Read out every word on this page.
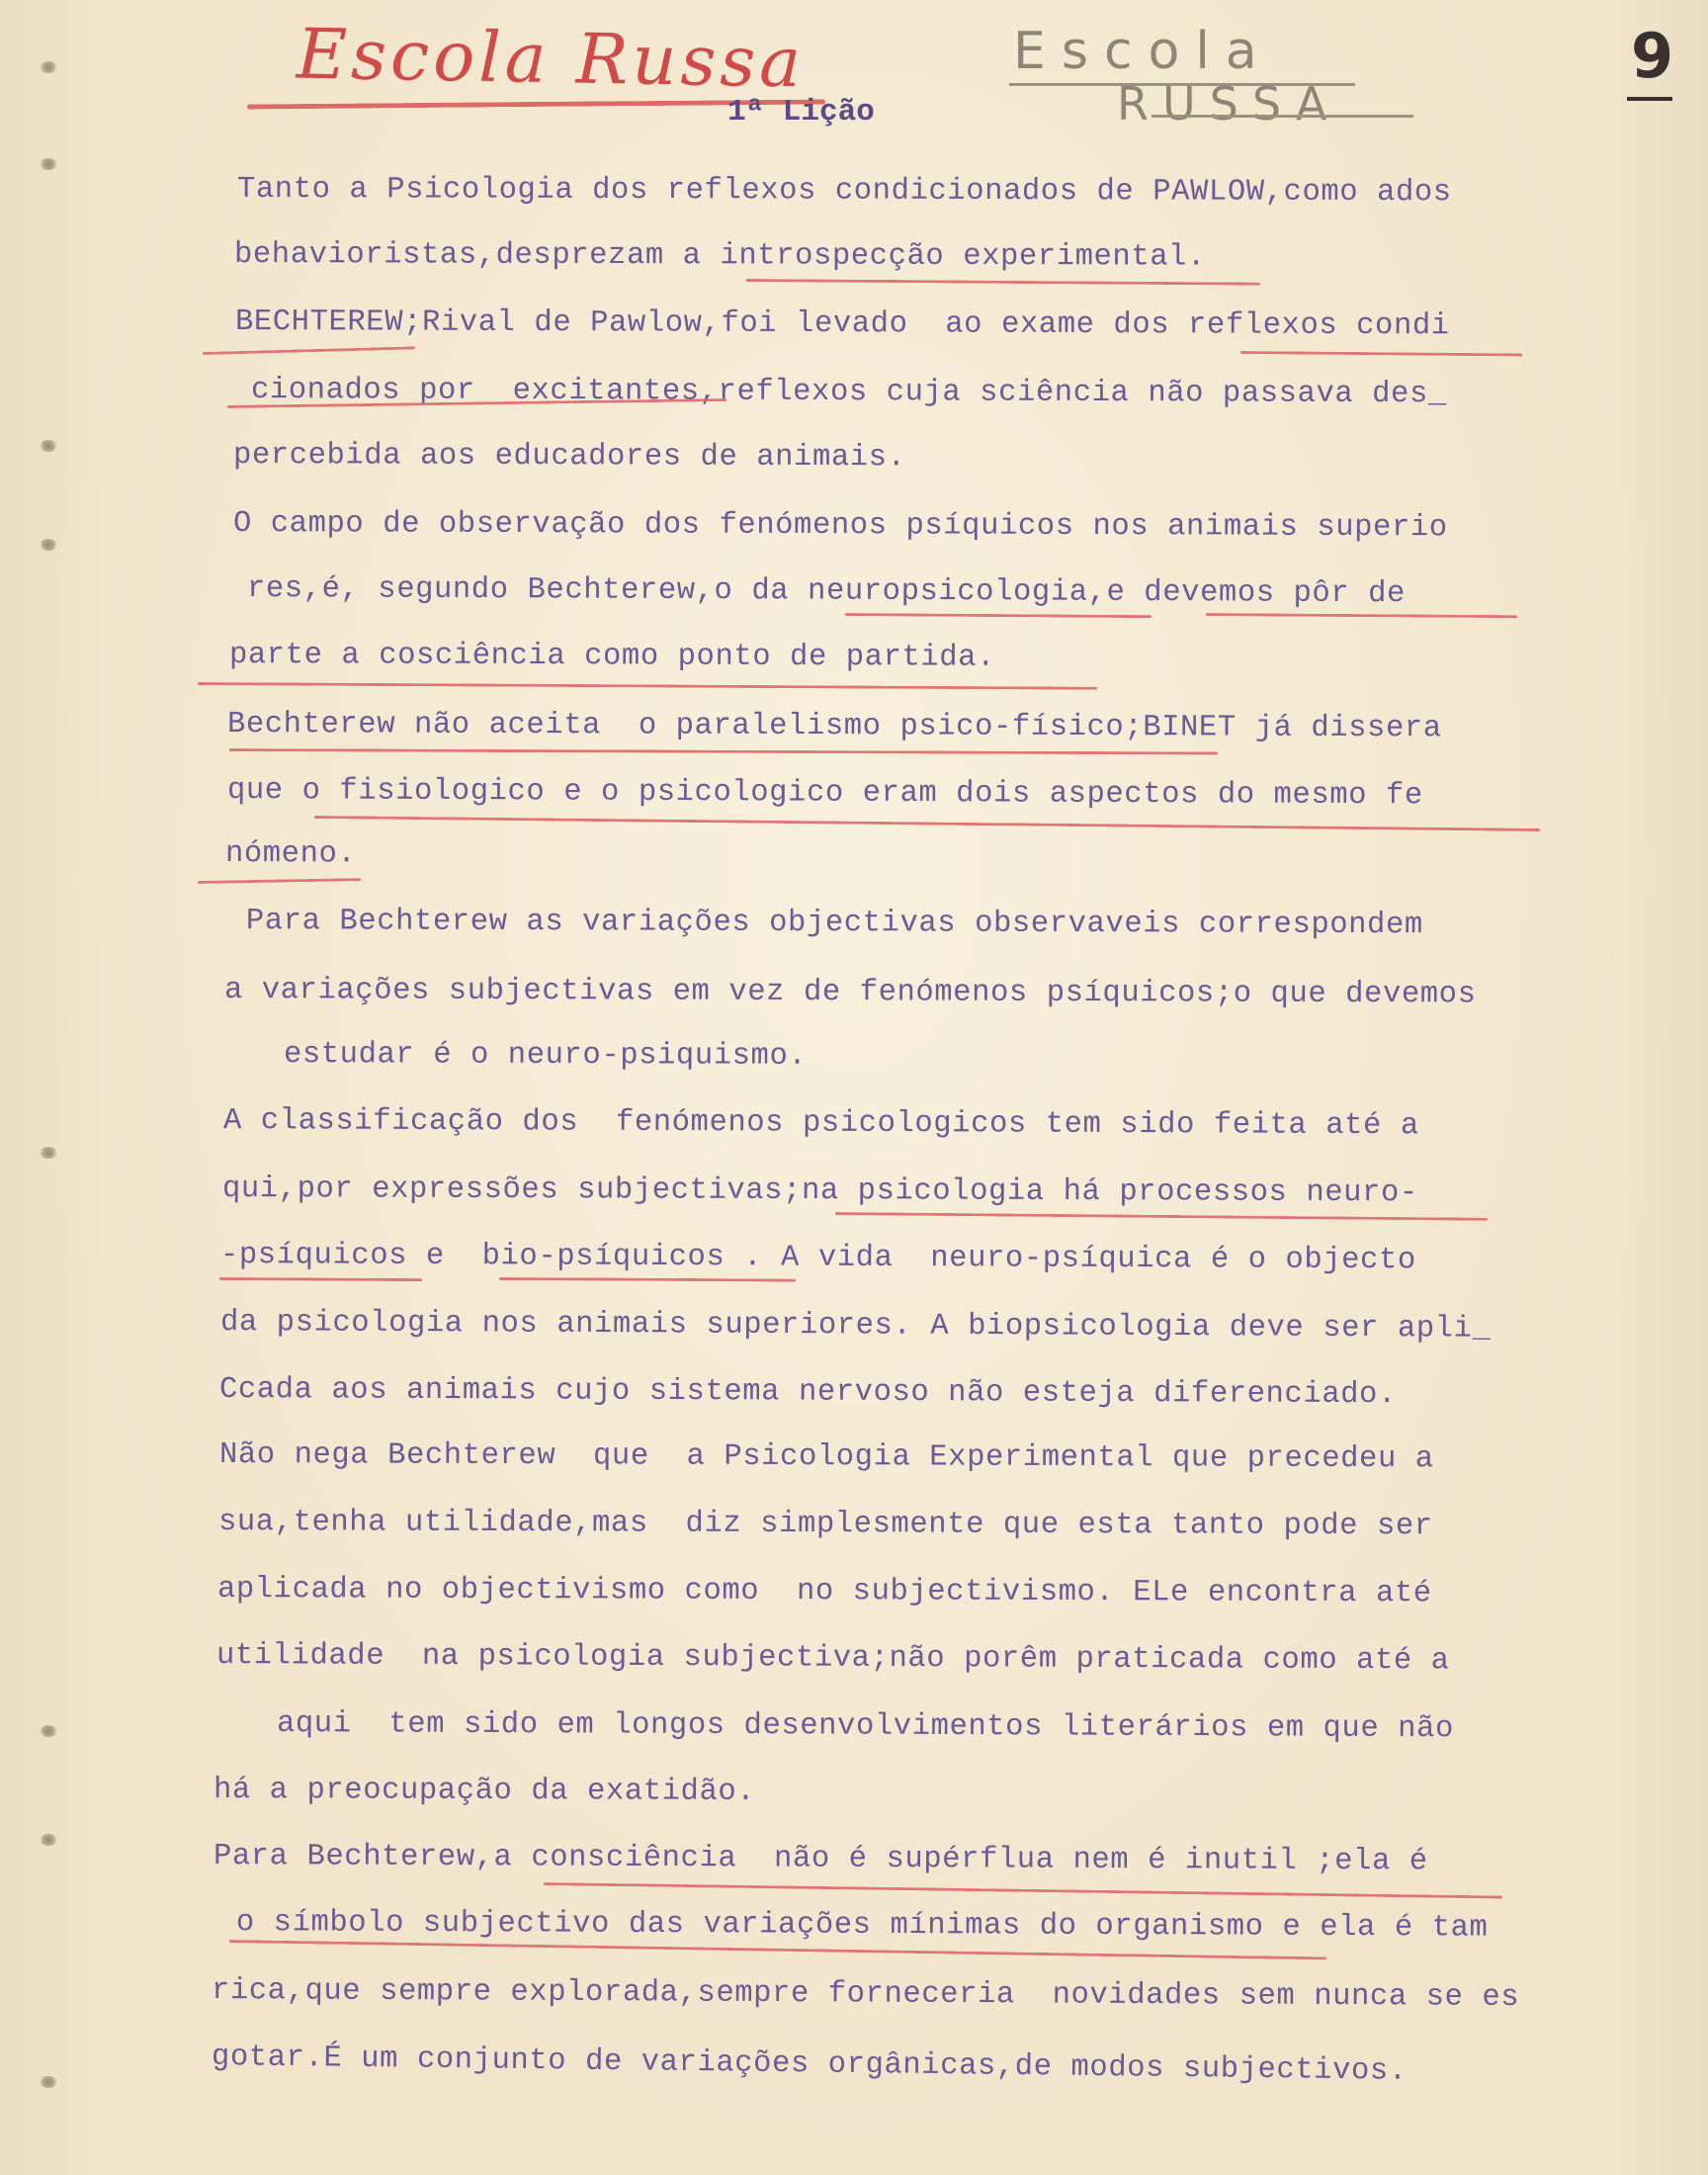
Escola Russa
1ª Lição

Escola

RUSSA

9

Tanto a Psicologia dos reflexos condicionados de PAWLOW,como ados

behavioristas,desprezam a introspecção experimental.

BECHTEREW;Rival de Pawlow,foi levado  ao exame dos reflexos condi

cionados por  excitantes,reflexos cuja sciência não passava des_

percebida aos educadores de animais.

O campo de observação dos fenómenos psíquicos nos animais superio

res,é, segundo Bechterew,o da neuropsicologia,e devemos pôr de

parte a cosciência como ponto de partida.

Bechterew não aceita  o paralelismo psico-físico;BINET já dissera

que o fisiologico e o psicologico eram dois aspectos do mesmo fe

nómeno.

Para Bechterew as variações objectivas observaveis correspondem

a variações subjectivas em vez de fenómenos psíquicos;o que devemos

estudar é o neuro-psiquismo.

A classificação dos  fenómenos psicologicos tem sido feita até a

qui,por expressões subjectivas;na psicologia há processos neuro-

-psíquicos e  bio-psíquicos . A vida  neuro-psíquica é o objecto

da psicologia nos animais superiores. A biopsicologia deve ser apli_

Ccada aos animais cujo sistema nervoso não esteja diferenciado.

Não nega Bechterew  que  a Psicologia Experimental que precedeu a

sua,tenha utilidade,mas  diz simplesmente que esta tanto pode ser

aplicada no objectivismo como  no subjectivismo. ELe encontra até

utilidade  na psicologia subjectiva;não porêm praticada como até a

aqui  tem sido em longos desenvolvimentos literários em que não

há a preocupação da exatidão.

Para Bechterew,a consciência  não é supérflua nem é inutil ;ela é

o símbolo subjectivo das variações mínimas do organismo e ela é tam

rica,que sempre explorada,sempre forneceria  novidades sem nunca se es

gotar.É um conjunto de variações orgânicas,de modos subjectivos.
